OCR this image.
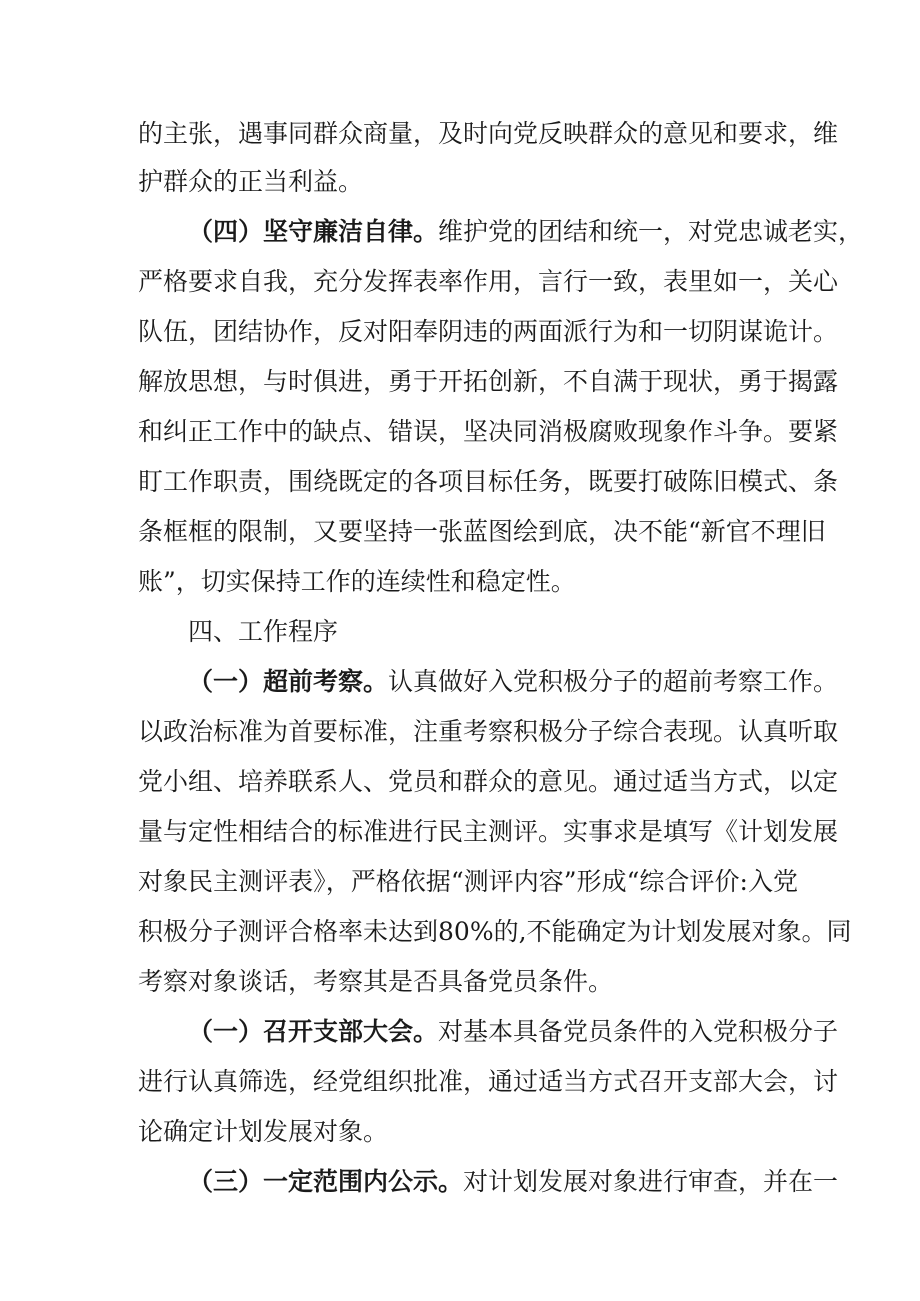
的主张，遇事同群众商量，及时向党反映群众的意见和要求，维
护群众的正当利益。
（四）坚守廉洁自律。维护党的团结和统一，对党忠诚老实，
严格要求自我，充分发挥表率作用，言行一致，表里如一，关心
队伍，团结协作，反对阳奉阴违的两面派行为和一切阴谋诡计。
解放思想，与时俱进，勇于开拓创新，不自满于现状，勇于揭露
和纠正工作中的缺点、错误，坚决同消极腐败现象作斗争。要紧
盯工作职责，围绕既定的各项目标任务，既要打破陈旧模式、条
条框框的限制，又要坚持一张蓝图绘到底，决不能“新官不理旧
账”，切实保持工作的连续性和稳定性。
四、工作程序
（一）超前考察。认真做好入党积极分子的超前考察工作。
以政治标准为首要标准，注重考察积极分子综合表现。认真听取
党小组、培养联系人、党员和群众的意见。通过适当方式，以定
量与定性相结合的标准进行民主测评。实事求是填写《计划发展
对象民主测评表》，严格依据“测评内容”形成“综合评价:入党
积极分子测评合格率未达到80%的,不能确定为计划发展对象。同
考察对象谈话，考察其是否具备党员条件。
（一）召开支部大会。对基本具备党员条件的入党积极分子
进行认真筛选，经党组织批准，通过适当方式召开支部大会，讨
论确定计划发展对象。
（三）一定范围内公示。对计划发展对象进行审查，并在一
